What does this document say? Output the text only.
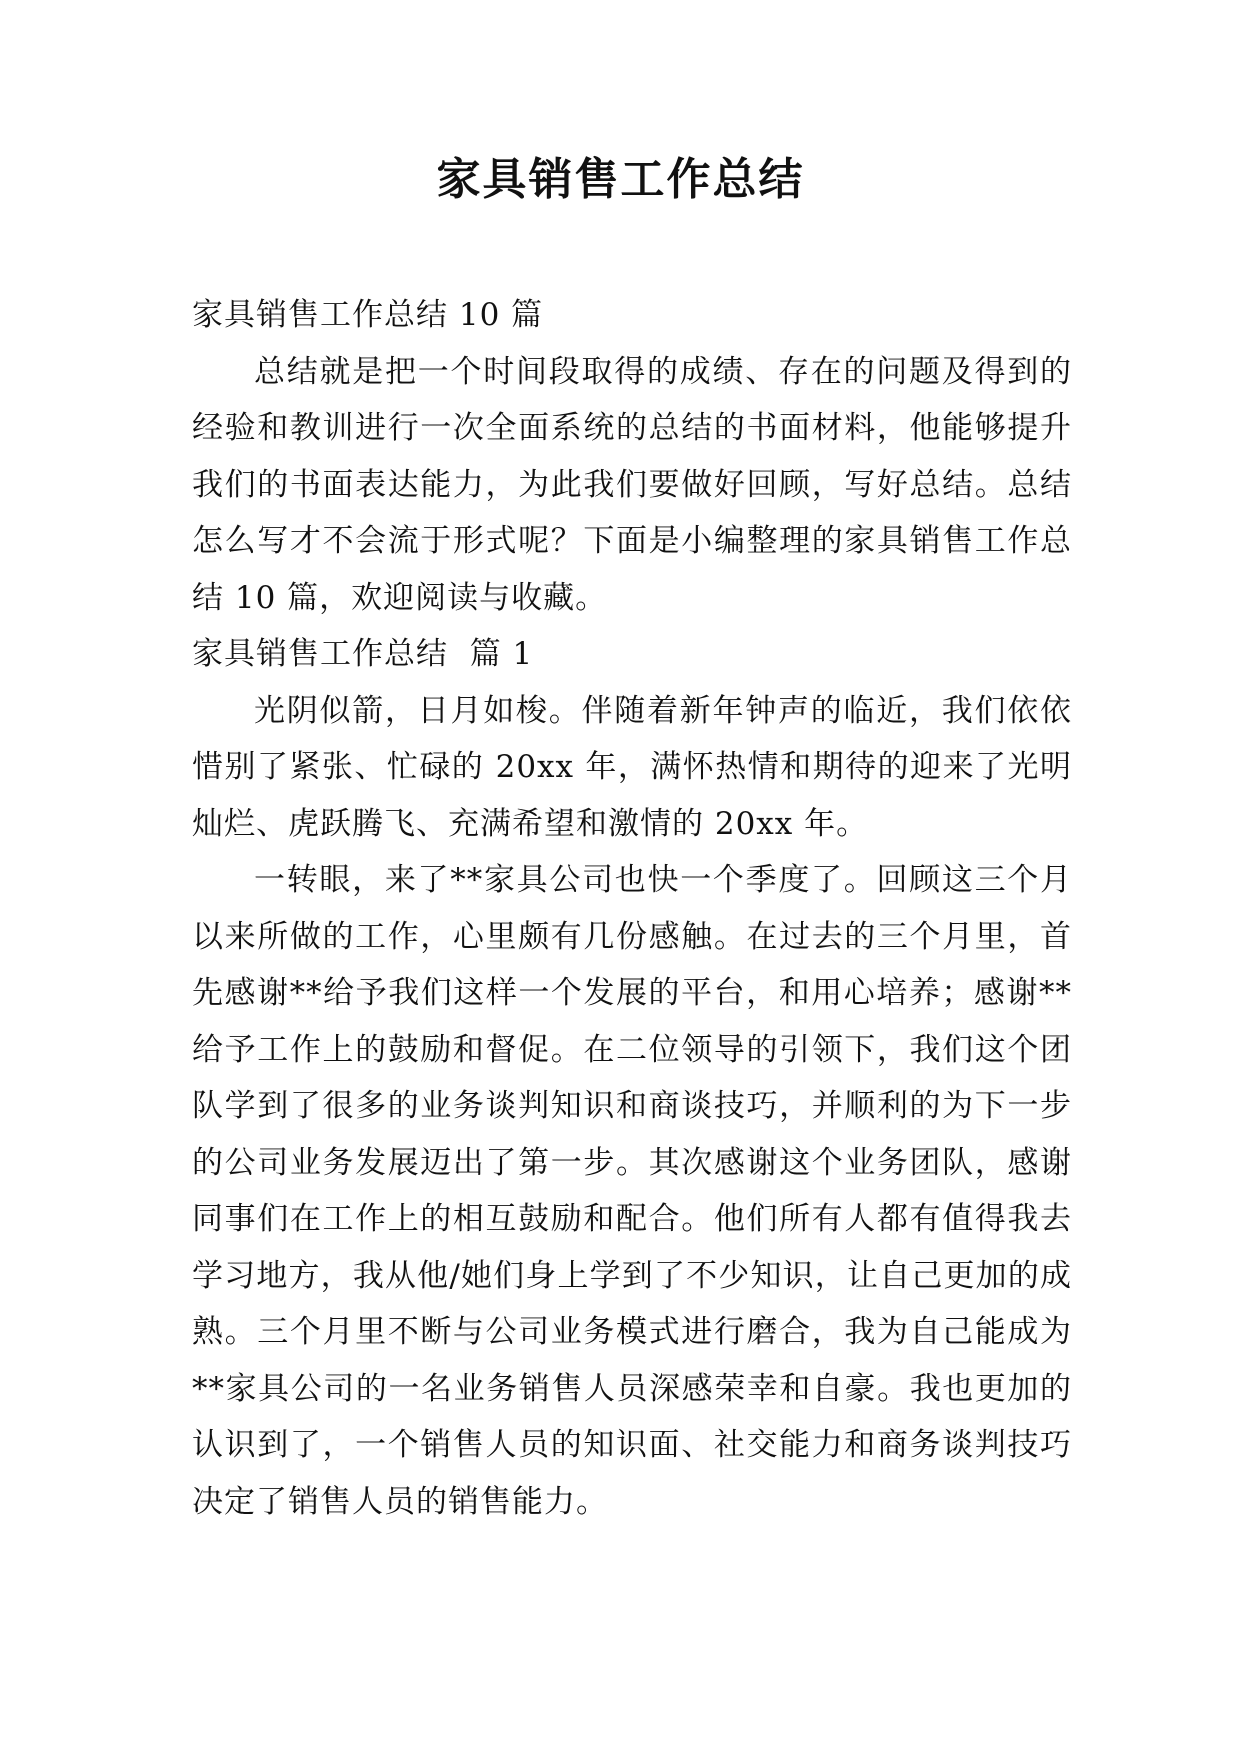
家具销售工作总结

家具销售工作总结 10 篇

总结就是把一个时间段取得的成绩、存在的问题及得到的经验和教训进行一次全面系统的总结的书面材料，他能够提升我们的书面表达能力，为此我们要做好回顾，写好总结。总结怎么写才不会流于形式呢？下面是小编整理的家具销售工作总结 10 篇，欢迎阅读与收藏。

家具销售工作总结  篇 1

光阴似箭，日月如梭。伴随着新年钟声的临近，我们依依惜别了紧张、忙碌的 20xx 年，满怀热情和期待的迎来了光明灿烂、虎跃腾飞、充满希望和激情的 20xx 年。

一转眼，来了**家具公司也快一个季度了。回顾这三个月以来所做的工作，心里颇有几份感触。在过去的三个月里，首先感谢**给予我们这样一个发展的平台，和用心培养；感谢**给予工作上的鼓励和督促。在二位领导的引领下，我们这个团队学到了很多的业务谈判知识和商谈技巧，并顺利的为下一步的公司业务发展迈出了第一步。其次感谢这个业务团队，感谢同事们在工作上的相互鼓励和配合。他们所有人都有值得我去学习地方，我从他/她们身上学到了不少知识，让自己更加的成熟。三个月里不断与公司业务模式进行磨合，我为自己能成为**家具公司的一名业务销售人员深感荣幸和自豪。我也更加的认识到了，一个销售人员的知识面、社交能力和商务谈判技巧决定了销售人员的销售能力。
